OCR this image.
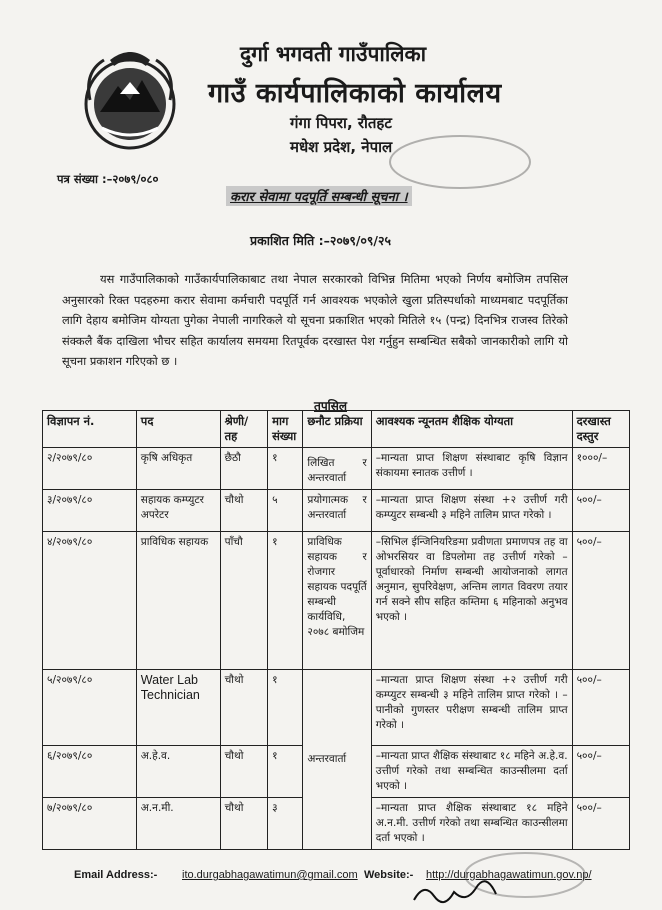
दुर्गा भगवती गाउँपालिका
गाउँ कार्यपालिकाको कार्यालय
गंगा पिपरा, रौतहट
मधेश प्रदेश, नेपाल
पत्र संख्या :–२०७९/०८०
करार सेवामा पदपूर्ति सम्बन्धी सूचना ।
प्रकाशित मिति :–२०७९/०९/२५
यस गाउँपालिकाको गाउँकार्यपालिकाबाट तथा नेपाल सरकारको विभिन्न मितिमा भएको निर्णय बमोजिम तपसिल अनुसारको रिक्त पदहरुमा करार सेवामा कर्मचारी पदपूर्ति गर्न आवश्यक भएकोले खुला प्रतिस्पर्धाको माध्यमबाट पदपूर्तिका लागि देहाय बमोजिम योग्यता पुगेका नेपाली नागरिकले यो सूचना प्रकाशित भएको मितिले १५ (पन्द्र) दिनभित्र राजस्व तिरेको संक्कलै बैंक दाखिला भौचर सहित कार्यालय समयमा रितपूर्वक दरखास्त पेश गर्नुहुन सम्बन्धित सबैको जानकारीको लागि यो सूचना प्रकाशन गरिएको छ ।
तपसिल
विज्ञापन नं.	पद	श्रेणी/ तह	माग संख्या	छनौट प्रक्रिया	आवश्यक न्यूनतम शैक्षिक योग्यता	दरखास्त दस्तुर
२/२०७९/८०	कृषि अधिकृत	छैठौ	१	लिखित र अन्तरवार्ता	–मान्यता प्राप्त शिक्षण संस्थाबाट कृषि विज्ञान संकायमा स्नातक उत्तीर्ण ।	१०००/–
३/२०७९/८०	सहायक कम्प्युटर अपरेटर	चौथो	५	प्रयोगात्मक र अन्तरवार्ता	–मान्यता प्राप्त शिक्षण संस्था +२ उत्तीर्ण गरी कम्प्युटर सम्बन्धी ३ महिने तालिम प्राप्त गरेको ।	५००/–
४/२०७९/८०	प्राविधिक सहायक	पाँचौ	१	प्राविधिक सहायक र रोजगार सहायक पदपूर्ति सम्बन्धी कार्यविधि, २०७८ बमोजिम	–सिभिल ईन्जिनियरिङमा प्रवीणता प्रमाणपत्र तह वा ओभरसियर वा डिपलोमा तह उत्तीर्ण गरेको –पूर्वाधारको निर्माण सम्बन्धी आयोजनाको लागत अनुमान, सुपरिवेक्षण, अन्तिम लागत विवरण तयार गर्न सक्ने सीप सहित कम्तिमा ६ महिनाको अनुभव भएको ।	५००/–
५/२०७९/८०	Water Lab Technician	चौथो	१	अन्तरवार्ता	–मान्यता प्राप्त शिक्षण संस्था +२ उत्तीर्ण गरी कम्प्युटर सम्बन्धी ३ महिने तालिम प्राप्त गरेको । –पानीको गुणस्तर परीक्षण सम्बन्धी तालिम प्राप्त गरेको ।	५००/–
६/२०७९/८०	अ.हे.व.	चौथो	१		–मान्यता प्राप्त शैक्षिक संस्थाबाट १८ महिने अ.हे.व. उत्तीर्ण गरेको तथा सम्बन्धित काउन्सीलमा दर्ता भएको ।	५००/–
७/२०७९/८०	अ.न.मी.	चौथो	३		–मान्यता प्राप्त शैक्षिक संस्थाबाट १८ महिने अ.न.मी. उत्तीर्ण गरेको तथा सम्बन्धित काउन्सीलमा दर्ता भएको ।	५००/–
Email Address:- ito.durgabhagawatimun@gmail.com Website:- http://durgabhagawatimun.gov.np/
